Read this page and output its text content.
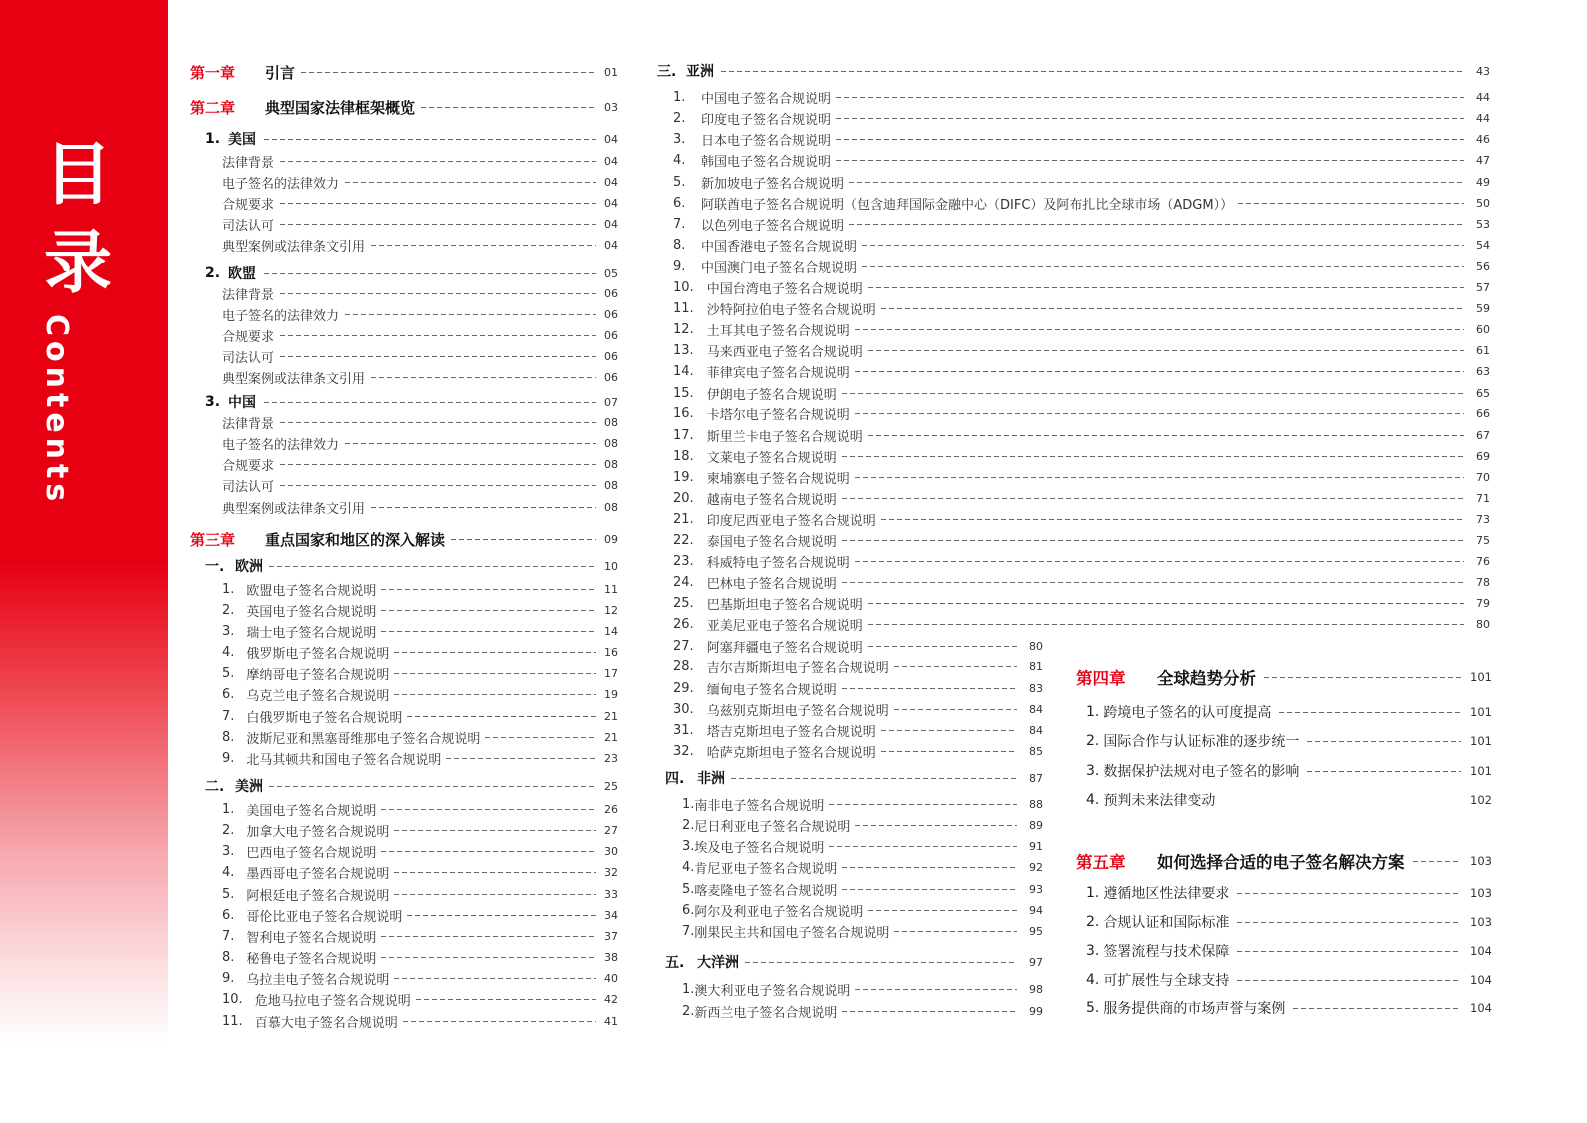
目
录
Contents
第一章	引言	01
第二章	典型国家法律框架概览	03
1. 美国	04
法律背景	04
电子签名的法律效力	04
合规要求	04
司法认可	04
典型案例或法律条文引用	04
2. 欧盟	05
法律背景	06
电子签名的法律效力	06
合规要求	06
司法认可	06
典型案例或法律条文引用	06
3. 中国	07
法律背景	08
电子签名的法律效力	08
合规要求	08
司法认可	08
典型案例或法律条文引用	08
第三章	重点国家和地区的深入解读	09
一. 欧洲	10
1. 欧盟电子签名合规说明	11
2. 英国电子签名合规说明	12
3. 瑞士电子签名合规说明	14
4. 俄罗斯电子签名合规说明	16
5. 摩纳哥电子签名合规说明	17
6. 乌克兰电子签名合规说明	19
7. 白俄罗斯电子签名合规说明	21
8. 波斯尼亚和黑塞哥维那电子签名合规说明	21
9. 北马其顿共和国电子签名合规说明	23
二. 美洲	25
1. 美国电子签名合规说明	26
2. 加拿大电子签名合规说明	27
3. 巴西电子签名合规说明	30
4. 墨西哥电子签名合规说明	32
5. 阿根廷电子签名合规说明	33
6. 哥伦比亚电子签名合规说明	34
7. 智利电子签名合规说明	37
8. 秘鲁电子签名合规说明	38
9. 乌拉圭电子签名合规说明	40
10. 危地马拉电子签名合规说明	42
11. 百慕大电子签名合规说明	41
三. 亚洲	43
1. 中国电子签名合规说明	44
2. 印度电子签名合规说明	44
3. 日本电子签名合规说明	46
4. 韩国电子签名合规说明	47
5. 新加坡电子签名合规说明	49
6. 阿联酋电子签名合规说明（包含迪拜国际金融中心（DIFC）及阿布扎比全球市场（ADGM））	50
7. 以色列电子签名合规说明	53
8. 中国香港电子签名合规说明	54
9. 中国澳门电子签名合规说明	56
10. 中国台湾电子签名合规说明	57
11. 沙特阿拉伯电子签名合规说明	59
12. 土耳其电子签名合规说明	60
13. 马来西亚电子签名合规说明	61
14. 菲律宾电子签名合规说明	63
15. 伊朗电子签名合规说明	65
16. 卡塔尔电子签名合规说明	66
17. 斯里兰卡电子签名合规说明	67
18. 文莱电子签名合规说明	69
19. 柬埔寨电子签名合规说明	70
20. 越南电子签名合规说明	71
21. 印度尼西亚电子签名合规说明	73
22. 泰国电子签名合规说明	75
23. 科威特电子签名合规说明	76
24. 巴林电子签名合规说明	78
25. 巴基斯坦电子签名合规说明	79
26. 亚美尼亚电子签名合规说明	80
27. 阿塞拜疆电子签名合规说明	80
28. 吉尔吉斯斯坦电子签名合规说明	81
29. 缅甸电子签名合规说明	83
30. 乌兹别克斯坦电子签名合规说明	84
31. 塔吉克斯坦电子签名合规说明	84
32. 哈萨克斯坦电子签名合规说明	85
四. 非洲	87
1. 南非电子签名合规说明	88
2. 尼日利亚电子签名合规说明	89
3. 埃及电子签名合规说明	91
4. 肯尼亚电子签名合规说明	92
5. 喀麦隆电子签名合规说明	93
6. 阿尔及利亚电子签名合规说明	94
7. 刚果民主共和国电子签名合规说明	95
五. 大洋洲	97
1. 澳大利亚电子签名合规说明	98
2. 新西兰电子签名合规说明	99
第四章	全球趋势分析	101
1. 跨境电子签名的认可度提高	101
2. 国际合作与认证标准的逐步统一	101
3. 数据保护法规对电子签名的影响	101
4. 预判未来法律变动	102
第五章	如何选择合适的电子签名解决方案	103
1. 遵循地区性法律要求	103
2. 合规认证和国际标准	103
3. 签署流程与技术保障	104
4. 可扩展性与全球支持	104
5. 服务提供商的市场声誉与案例	104
